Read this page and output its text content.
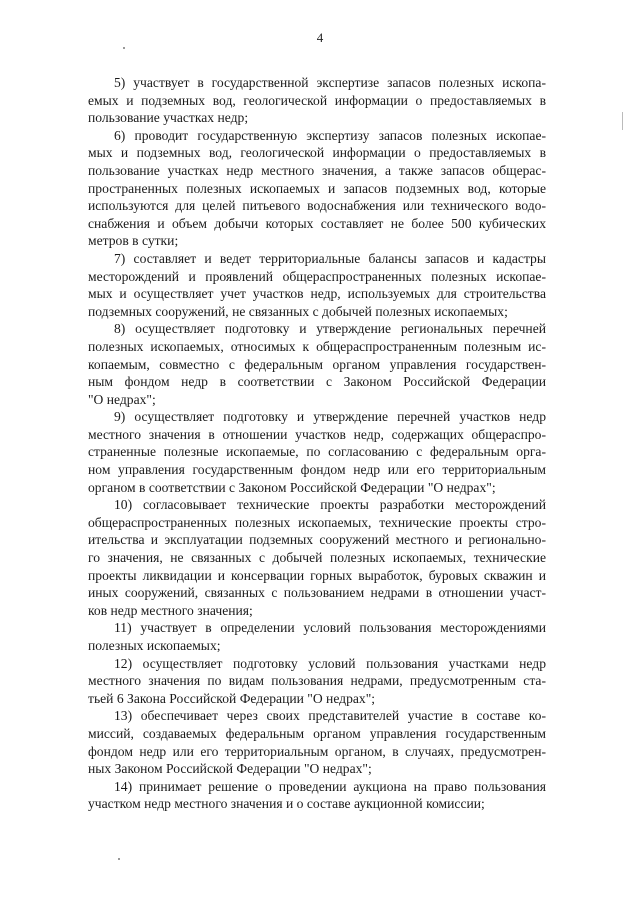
4
5) участвует в государственной экспертизе запасов полезных ископа-
емых и подземных вод, геологической информации о предоставляемых в
пользование участках недр;
6) проводит государственную экспертизу запасов полезных ископае-
мых и подземных вод, геологической информации о предоставляемых в
пользование участках недр местного значения, а также запасов общерас-
пространенных полезных ископаемых и запасов подземных вод, которые
используются для целей питьевого водоснабжения или технического водо-
снабжения и объем добычи которых составляет не более 500 кубических
метров в сутки;
7) составляет и ведет территориальные балансы запасов и кадастры
месторождений и проявлений общераспространенных полезных ископае-
мых и осуществляет учет участков недр, используемых для строительства
подземных сооружений, не связанных с добычей полезных ископаемых;
8) осуществляет подготовку и утверждение региональных перечней
полезных ископаемых, относимых к общераспространенным полезным ис-
копаемым, совместно с федеральным органом управления государствен-
ным фондом недр в соответствии с Законом Российской Федерации
"О недрах";
9) осуществляет подготовку и утверждение перечней участков недр
местного значения в отношении участков недр, содержащих общераспро-
страненные полезные ископаемые, по согласованию с федеральным орга-
ном управления государственным фондом недр или его территориальным
органом в соответствии с Законом Российской Федерации "О недрах";
10) согласовывает технические проекты разработки месторождений
общераспространенных полезных ископаемых, технические проекты стро-
ительства и эксплуатации подземных сооружений местного и регионально-
го значения, не связанных с добычей полезных ископаемых, технические
проекты ликвидации и консервации горных выработок, буровых скважин и
иных сооружений, связанных с пользованием недрами в отношении участ-
ков недр местного значения;
11) участвует в определении условий пользования месторождениями
полезных ископаемых;
12) осуществляет подготовку условий пользования участками недр
местного значения по видам пользования недрами, предусмотренным ста-
тьей 6 Закона Российской Федерации "О недрах";
13) обеспечивает через своих представителей участие в составе ко-
миссий, создаваемых федеральным органом управления государственным
фондом недр или его территориальным органом, в случаях, предусмотрен-
ных Законом Российской Федерации "О недрах";
14) принимает решение о проведении аукциона на право пользования
участком недр местного значения и о составе аукционной комиссии;
